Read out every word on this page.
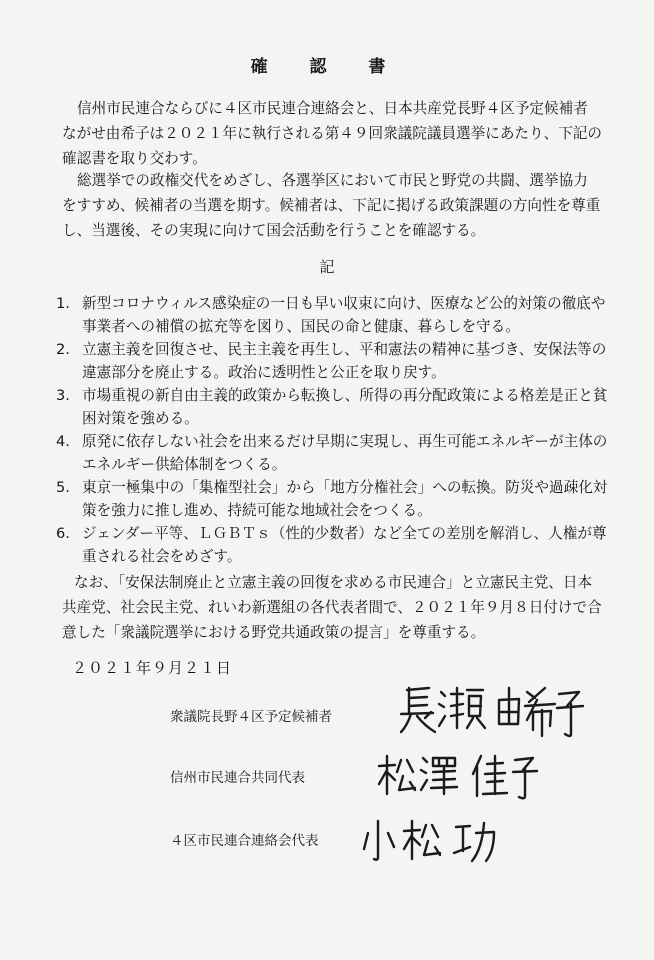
確 認 書

信州市民連合ならびに４区市民連合連絡会と、日本共産党長野４区予定候補者ながせ由希子は２０２１年に執行される第４９回衆議院議員選挙にあたり、下記の確認書を取り交わす。

総選挙での政権交代をめざし、各選挙区において市民と野党の共闘、選挙協力をすすめ、候補者の当選を期す。候補者は、下記に掲げる政策課題の方向性を尊重し、当選後、その実現に向けて国会活動を行うことを確認する。

記
1. 新型コロナウィルス感染症の一日も早い収束に向け、医療など公的対策の徹底や事業者への補償の拡充等を図り、国民の命と健康、暮らしを守る。
2. 立憲主義を回復させ、民主主義を再生し、平和憲法の精神に基づき、安保法等の違憲部分を廃止する。政治に透明性と公正を取り戻す。
3. 市場重視の新自由主義的政策から転換し、所得の再分配政策による格差是正と貧困対策を強める。
4. 原発に依存しない社会を出来るだけ早期に実現し、再生可能エネルギーが主体のエネルギー供給体制をつくる。
5. 東京一極集中の「集権型社会」から「地方分権社会」への転換。防災や過疎化対策を強力に推し進め、持続可能な地域社会をつくる。
6. ジェンダー平等、ＬＧＢＴｓ（性的少数者）など全ての差別を解消し、人権が尊重される社会をめざす。

なお、「安保法制廃止と立憲主義の回復を求める市民連合」と立憲民主党、日本共産党、社会民主党、れいわ新選組の各代表者間で、２０２１年９月８日付けで合意した「衆議院選挙における野党共通政策の提言」を尊重する。

２０２１年９月２１日
衆議院長野４区予定候補者
信州市民連合共同代表
４区市民連合連絡会代表
